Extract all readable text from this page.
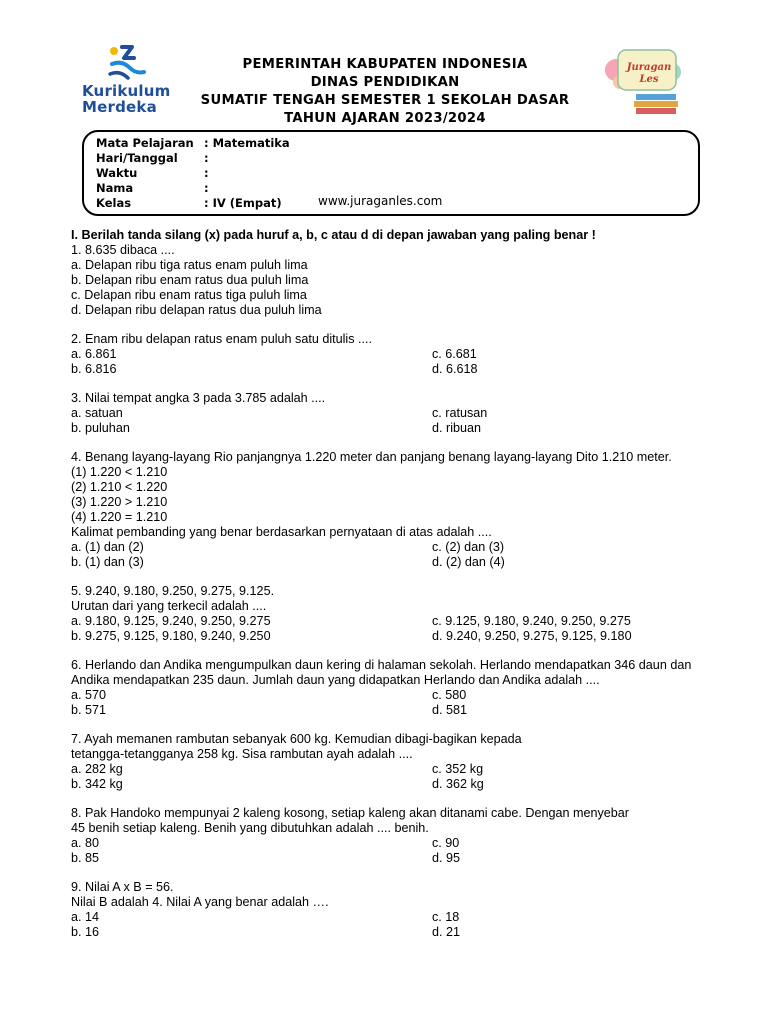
Kurikulum
Merdeka
PEMERINTAH KABUPATEN INDONESIA
DINAS PENDIDIKAN
SUMATIF TENGAH SEMESTER 1 SEKOLAH DASAR
TAHUN AJARAN 2023/2024
Juragan
Les
Mata Pelajaran : Matematika
Hari/Tanggal :
Waktu	:
Nama	:
Kelas	: IV (Empat)	www.juraganles.com
I. Berilah tanda silang (x) pada huruf a, b, c atau d di depan jawaban yang paling benar !
1. 8.635 dibaca ....
a. Delapan ribu tiga ratus enam puluh lima
b. Delapan ribu enam ratus dua puluh lima
c. Delapan ribu enam ratus tiga puluh lima
d. Delapan ribu delapan ratus dua puluh lima
2. Enam ribu delapan ratus enam puluh satu ditulis ....
a. 6.861	c. 6.681
b. 6.816	d. 6.618
3. Nilai tempat angka 3 pada 3.785 adalah ....
a. satuan	c. ratusan
b. puluhan	d. ribuan
4. Benang layang-layang Rio panjangnya 1.220 meter dan panjang benang layang-layang Dito 1.210 meter.
(1) 1.220 < 1.210
(2) 1.210 < 1.220
(3) 1.220 > 1.210
(4) 1.220 = 1.210
Kalimat pembanding yang benar berdasarkan pernyataan di atas adalah ....
a. (1) dan (2)	c. (2) dan (3)
b. (1) dan (3)	d. (2) dan (4)
5. 9.240, 9.180, 9.250, 9.275, 9.125.
Urutan dari yang terkecil adalah ....
a. 9.180, 9.125, 9.240, 9.250, 9.275	c. 9.125, 9.180, 9.240, 9.250, 9.275
b. 9.275, 9.125, 9.180, 9.240, 9.250	d. 9.240, 9.250, 9.275, 9.125, 9.180
6. Herlando dan Andika mengumpulkan daun kering di halaman sekolah. Herlando mendapatkan 346 daun dan Andika mendapatkan 235 daun. Jumlah daun yang didapatkan Herlando dan Andika adalah ....
a. 570	c. 580
b. 571	d. 581
7. Ayah memanen rambutan sebanyak 600 kg. Kemudian dibagi-bagikan kepada
tetangga-tetangganya 258 kg. Sisa rambutan ayah adalah ....
a. 282 kg	c. 352 kg
b. 342 kg	d. 362 kg
8. Pak Handoko mempunyai 2 kaleng kosong, setiap kaleng akan ditanami cabe. Dengan menyebar
45 benih setiap kaleng. Benih yang dibutuhkan adalah .... benih.
a. 80	c. 90
b. 85	d. 95
9. Nilai A x B = 56.
Nilai B adalah 4. Nilai A yang benar adalah ….
a. 14	c. 18
b. 16	d. 21
